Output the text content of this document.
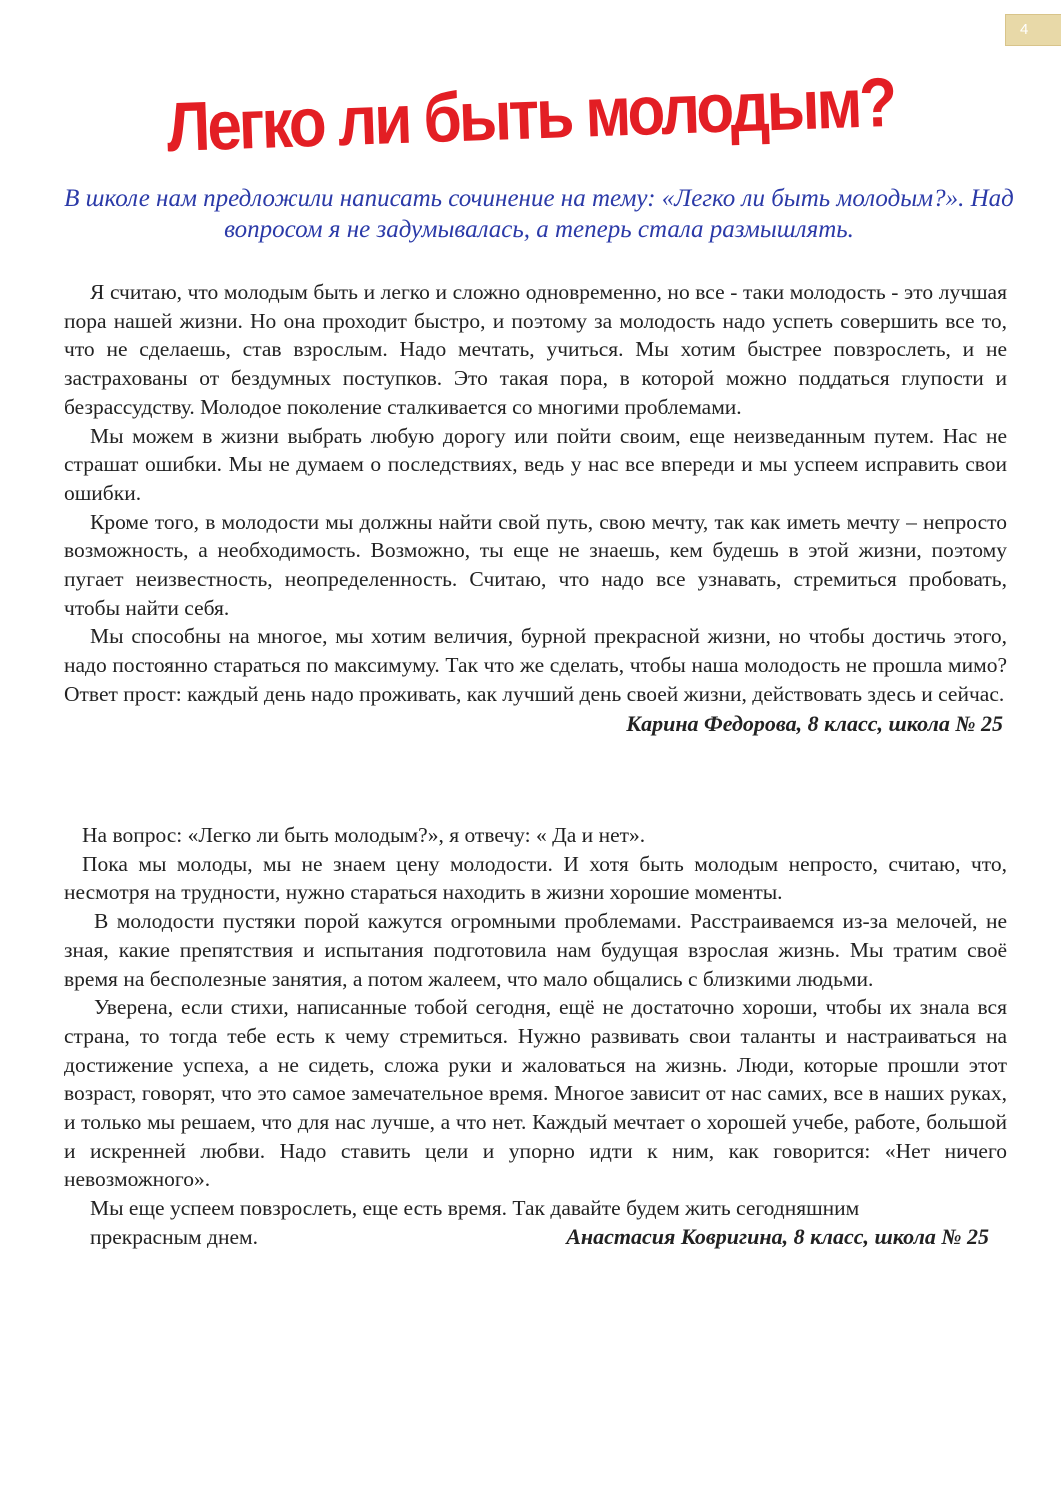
4
Легко ли быть молодым?
В школе нам предложили написать сочинение на тему: «Легко ли быть молодым?». Над вопросом я не задумывалась, а теперь стала размышлять.

Я считаю, что молодым быть и легко и сложно одновременно, но все - таки молодость - это лучшая пора нашей жизни. Но она проходит быстро, и поэтому за молодость надо успеть совершить все то, что не сделаешь, став взрослым. Надо мечтать, учиться. Мы хотим быстрее повзрослеть, и не застрахованы от бездумных поступков. Это такая пора, в которой можно поддаться глупости и безрассудству. Молодое поколение сталкивается со многими проблемами.

Мы можем в жизни выбрать любую дорогу или пойти своим, еще неизведанным путем. Нас не страшат ошибки. Мы не думаем о последствиях, ведь у нас все впереди и мы успеем исправить свои ошибки.

Кроме того, в молодости мы должны найти свой путь, свою мечту, так как иметь мечту – непросто возможность, а необходимость. Возможно, ты еще не знаешь, кем будешь в этой жизни, поэтому пугает неизвестность, неопределенность. Считаю, что надо все узнавать, стремиться пробовать, чтобы найти себя.

Мы способны на многое, мы хотим величия, бурной прекрасной жизни, но чтобы достичь этого, надо постоянно стараться по максимуму. Так что же сделать, чтобы наша молодость не прошла мимо? Ответ прост: каждый день надо проживать, как лучший день своей жизни, действовать здесь и сейчас.

Карина Федорова, 8 класс, школа № 25

На вопрос: «Легко ли быть молодым?», я отвечу: « Да и нет».

Пока мы молоды, мы не знаем цену молодости. И хотя быть молодым непросто, считаю, что, несмотря на трудности, нужно стараться находить в жизни хорошие моменты.

В молодости пустяки порой кажутся огромными проблемами. Расстраиваемся из-за мелочей, не зная, какие препятствия и испытания подготовила нам будущая взрослая жизнь. Мы тратим своё время на бесполезные занятия, а потом жалеем, что мало общались с близкими людьми.

Уверена, если стихи, написанные тобой сегодня, ещё не достаточно хороши, чтобы их знала вся страна, то тогда тебе есть к чему стремиться. Нужно развивать свои таланты и настраиваться на достижение успеха, а не сидеть, сложа руки и жаловаться на жизнь. Люди, которые прошли этот возраст, говорят, что это самое замечательное время. Многое зависит от нас самих, все в наших руках, и только мы решаем, что для нас лучше, а что нет. Каждый мечтает о хорошей учебе, работе, большой и искренней любви. Надо ставить цели и упорно идти к ним, как говорится: «Нет ничего невозможного».

Мы еще успеем повзрослеть, еще есть время. Так давайте будем жить сегодняшним

прекрасным днем.	Анастасия Ковригина, 8 класс, школа № 25
